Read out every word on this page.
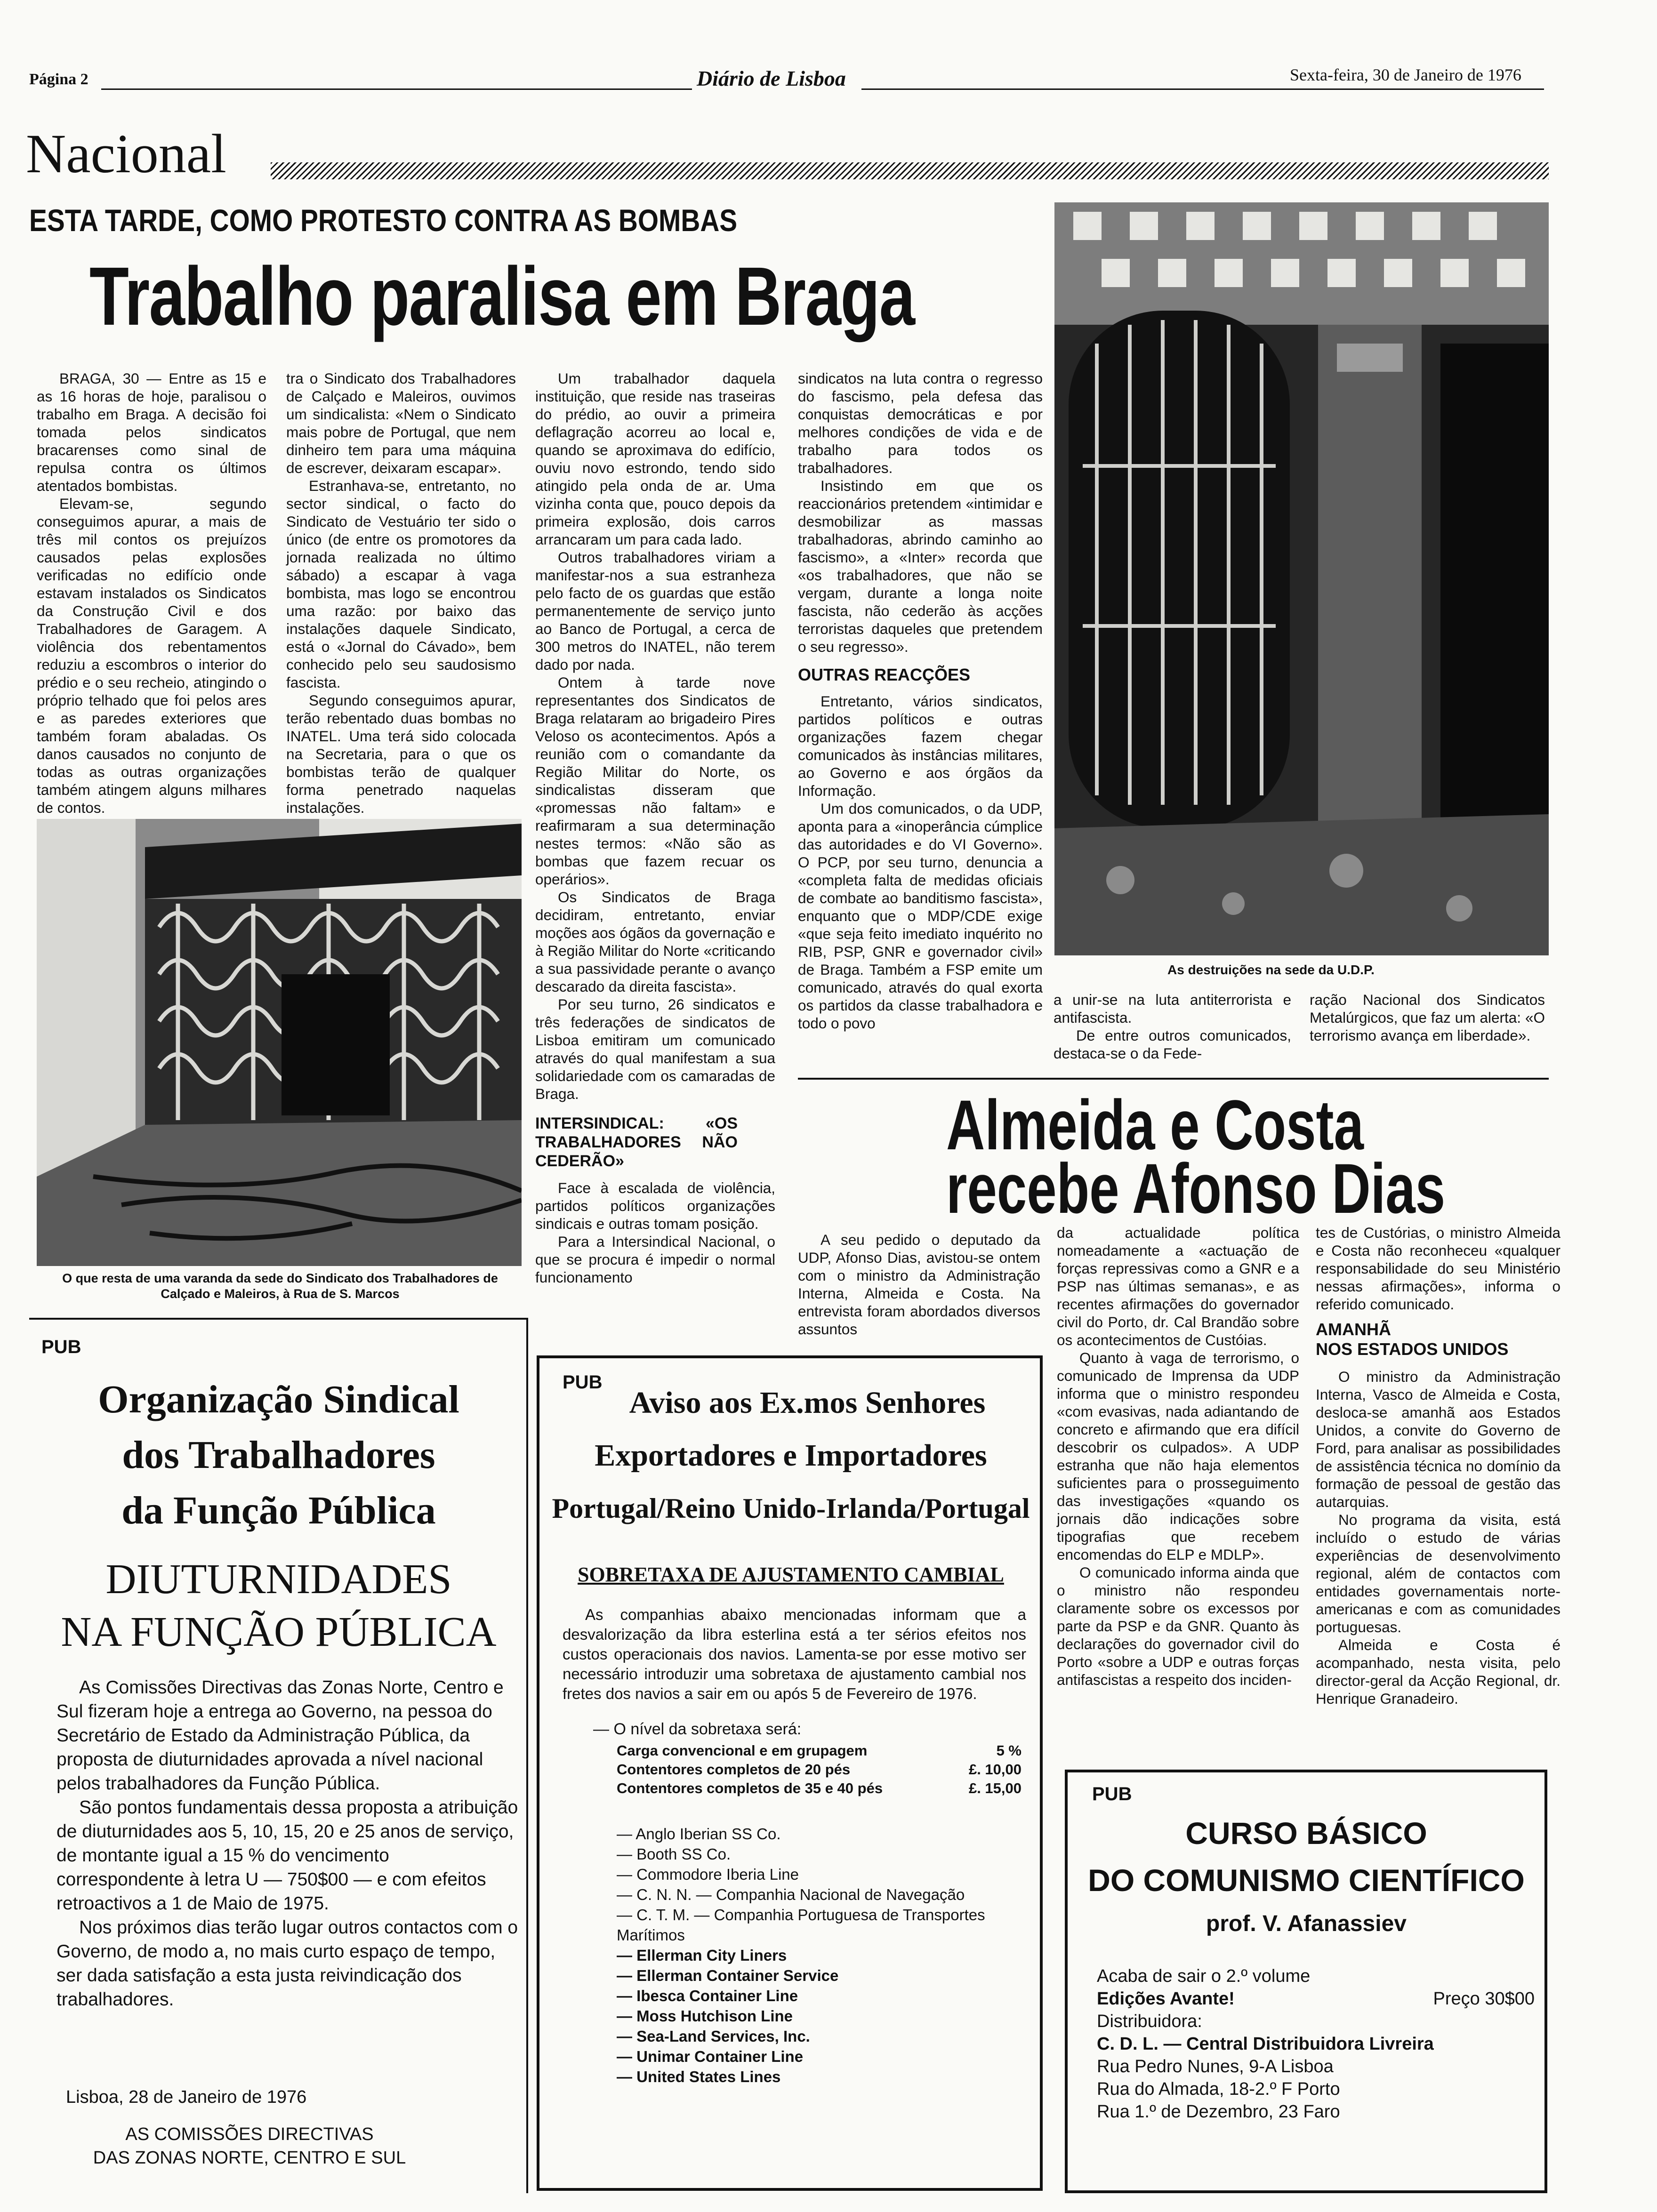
Página 2	Diário de Lisboa	Sexta-feira, 30 de Janeiro de 1976
Nacional
ESTA TARDE, COMO PROTESTO CONTRA AS BOMBAS
Trabalho paralisa em Braga

BRAGA, 30 — Entre as 15 e as 16 horas de hoje, paralisou o trabalho em Braga. A decisão foi tomada pelos sindicatos bracarenses como sinal de repulsa contra os últimos atentados bombistas.

Elevam-se, segundo conseguimos apurar, a mais de três mil contos os prejuízos causados pelas explosões verificadas no edifício onde estavam instalados os Sindicatos da Construção Civil e dos Trabalhadores de Garagem. A violência dos rebentamentos reduziu a escombros o interior do prédio e o seu recheio, atingindo o próprio telhado que foi pelos ares e as paredes exteriores que também foram abaladas. Os danos causados no conjunto de todas as outras organizações também atingem alguns milhares de contos.

tra o Sindicato dos Trabalhadores de Calçado e Maleiros, ouvimos um sindicalista: «Nem o Sindicato mais pobre de Portugal, que nem dinheiro tem para uma máquina de escrever, deixaram escapar».

Estranhava-se, entretanto, no sector sindical, o facto do Sindicato de Vestuário ter sido o único (de entre os promotores da jornada realizada no último sábado) a escapar à vaga bombista, mas logo se encontrou uma razão: por baixo das instalações daquele Sindicato, está o «Jornal do Cávado», bem conhecido pelo seu saudosismo fascista.

Segundo conseguimos apurar, terão rebentado duas bombas no INATEL. Uma terá sido colocada na Secretaria, para o que os bombistas terão de qualquer forma penetrado naquelas instalações.

Um trabalhador daquela instituição, que reside nas traseiras do prédio, ao ouvir a primeira deflagração acorreu ao local e, quando se aproximava do edifício, ouviu novo estrondo, tendo sido atingido pela onda de ar. Uma vizinha conta que, pouco depois da primeira explosão, dois carros arrancaram um para cada lado.

Outros trabalhadores viriam a manifestar-nos a sua estranheza pelo facto de os guardas que estão permanentemente de serviço junto ao Banco de Portugal, a cerca de 300 metros do INATEL, não terem dado por nada.

Ontem à tarde nove representantes dos Sindicatos de Braga relataram ao brigadeiro Pires Veloso os acontecimentos. Após a reunião com o comandante da Região Militar do Norte, os sindicalistas disseram que «promessas não faltam» e reafirmaram a sua determinação nestes termos: «Não são as bombas que fazem recuar os operários».

Os Sindicatos de Braga decidiram, entretanto, enviar moções aos ógãos da governação e à Região Militar do Norte «criticando a sua passividade perante o avanço descarado da direita fascista».

Por seu turno, 26 sindicatos e três federações de sindicatos de Lisboa emitiram um comunicado através do qual manifestam a sua solidariedade com os camaradas de Braga.

INTERSINDICAL: «OS TRABALHADORES NÃO CEDERÃO»

Face à escalada de violência, partidos políticos organizações sindicais e outras tomam posição.

Para a Intersindical Nacional, o que se procura é impedir o normal funcionamento

sindicatos na luta contra o regresso do fascismo, pela defesa das conquistas democráticas e por melhores condições de vida e de trabalho para todos os trabalhadores.

Insistindo em que os reaccionários pretendem «intimidar e desmobilizar as massas trabalhadoras, abrindo caminho ao fascismo», a «Inter» recorda que «os trabalhadores, que não se vergam, durante a longa noite fascista, não cederão às acções terroristas daqueles que pretendem o seu regresso».

OUTRAS REACÇÕES

Entretanto, vários sindicatos, partidos políticos e outras organizações fazem chegar comunicados às instâncias militares, ao Governo e aos órgãos da Informação.

Um dos comunicados, o da UDP, aponta para a «inoperância cúmplice das autoridades e do VI Governo». O PCP, por seu turno, denuncia a «completa falta de medidas oficiais de combate ao banditismo fascista», enquanto que o MDP/CDE exige «que seja feito imediato inquérito no RIB, PSP, GNR e governador civil» de Braga. Também a FSP emite um comunicado, através do qual exorta os partidos da classe trabalhadora e todo o povo

a unir-se na luta antiterrorista e antifascista.

De entre outros comunicados, destaca-se o da Fede-

ração Nacional dos Sindicatos Metalúrgicos, que faz um alerta: «O terrorismo avança em liberdade».

O que resta de uma varanda da sede do Sindicato dos Trabalhadores de Calçado e Maleiros, à Rua de S. Marcos
As destruições na sede da U.D.P.
Almeida e Costa
recebe Afonso Dias

A seu pedido o deputado da UDP, Afonso Dias, avistou-se ontem com o ministro da Administração Interna, Almeida e Costa. Na entrevista foram abordados diversos assuntos

da actualidade política nomeadamente a «actuação de forças repressivas como a GNR e a PSP nas últimas semanas», e as recentes afirmações do governador civil do Porto, dr. Cal Brandão sobre os acontecimentos de Custóias.

Quanto à vaga de terrorismo, o comunicado de Imprensa da UDP informa que o ministro respondeu «com evasivas, nada adiantando de concreto e afirmando que era difícil descobrir os culpados». A UDP estranha que não haja elementos suficientes para o prosseguimento das investigações «quando os jornais dão indicações sobre tipografias que recebem encomendas do ELP e MDLP».

O comunicado informa ainda que o ministro não respondeu claramente sobre os excessos por parte da PSP e da GNR. Quanto às declarações do governador civil do Porto «sobre a UDP e outras forças antifascistas a respeito dos inciden-

tes de Custórias, o ministro Almeida e Costa não reconheceu «qualquer responsabilidade do seu Ministério nessas afirmações», informa o referido comunicado.

AMANHÃ
NOS ESTADOS UNIDOS

O ministro da Administração Interna, Vasco de Almeida e Costa, desloca-se amanhã aos Estados Unidos, a convite do Governo de Ford, para analisar as possibilidades de assistência técnica no domínio da formação de pessoal de gestão das autarquias.

No programa da visita, está incluído o estudo de várias experiências de desenvolvimento regional, além de contactos com entidades governamentais norte-americanas e com as comunidades portuguesas.

Almeida e Costa é acompanhado, nesta visita, pelo director-geral da Acção Regional, dr. Henrique Granadeiro.

PUB
Organização Sindical
dos Trabalhadores
da Função Pública
DIUTURNIDADES
NA FUNÇÃO PÚBLICA

As Comissões Directivas das Zonas Norte, Centro e Sul fizeram hoje a entrega ao Governo, na pessoa do Secretário de Estado da Administração Pública, da proposta de diuturnidades aprovada a nível nacional pelos trabalhadores da Função Pública.

São pontos fundamentais dessa proposta a atribuição de diuturnidades aos 5, 10, 15, 20 e 25 anos de serviço, de montante igual a 15 % do vencimento correspondente à letra U — 750$00 — e com efeitos retroactivos a 1 de Maio de 1975.

Nos próximos dias terão lugar outros contactos com o Governo, de modo a, no mais curto espaço de tempo, ser dada satisfação a esta justa reivindicação dos trabalhadores.

Lisboa, 28 de Janeiro de 1976
AS COMISSÕES DIRECTIVAS
DAS ZONAS NORTE, CENTRO E SUL
PUB
Aviso aos Ex.mos Senhores
Exportadores e Importadores
Portugal/Reino Unido-Irlanda/Portugal
SOBRETAXA DE AJUSTAMENTO CAMBIAL

As companhias abaixo mencionadas informam que a desvalorização da libra esterlina está a ter sérios efeitos nos custos operacionais dos navios. Lamenta-se por esse motivo ser necessário introduzir uma sobretaxa de ajustamento cambial nos fretes dos navios a sair em ou após 5 de Fevereiro de 1976.

— O nível da sobretaxa será:
Carga convencional e em grupagem	5 %
Contentores completos de 20 pés	£. 10,00
Contentores completos de 35 e 40 pés	£. 15,00
— Anglo Iberian SS Co.
— Booth SS Co.
— Commodore Iberia Line
— C. N. N. — Companhia Nacional de Navegação
— C. T. M. — Companhia Portuguesa de Transportes Marítimos
— Ellerman City Liners
— Ellerman Container Service
— Ibesca Container Line
— Moss Hutchison Line
— Sea-Land Services, Inc.
— Unimar Container Line
— United States Lines
PUB
CURSO BÁSICO
DO COMUNISMO CIENTÍFICO
prof. V. Afanassiev
Acaba de sair o 2.º volume
Edições Avante!	Preço 30$00
Distribuidora:
C. D. L. — Central Distribuidora Livreira
Rua Pedro Nunes, 9-A Lisboa
Rua do Almada, 18-2.º F Porto
Rua 1.º de Dezembro, 23 Faro
